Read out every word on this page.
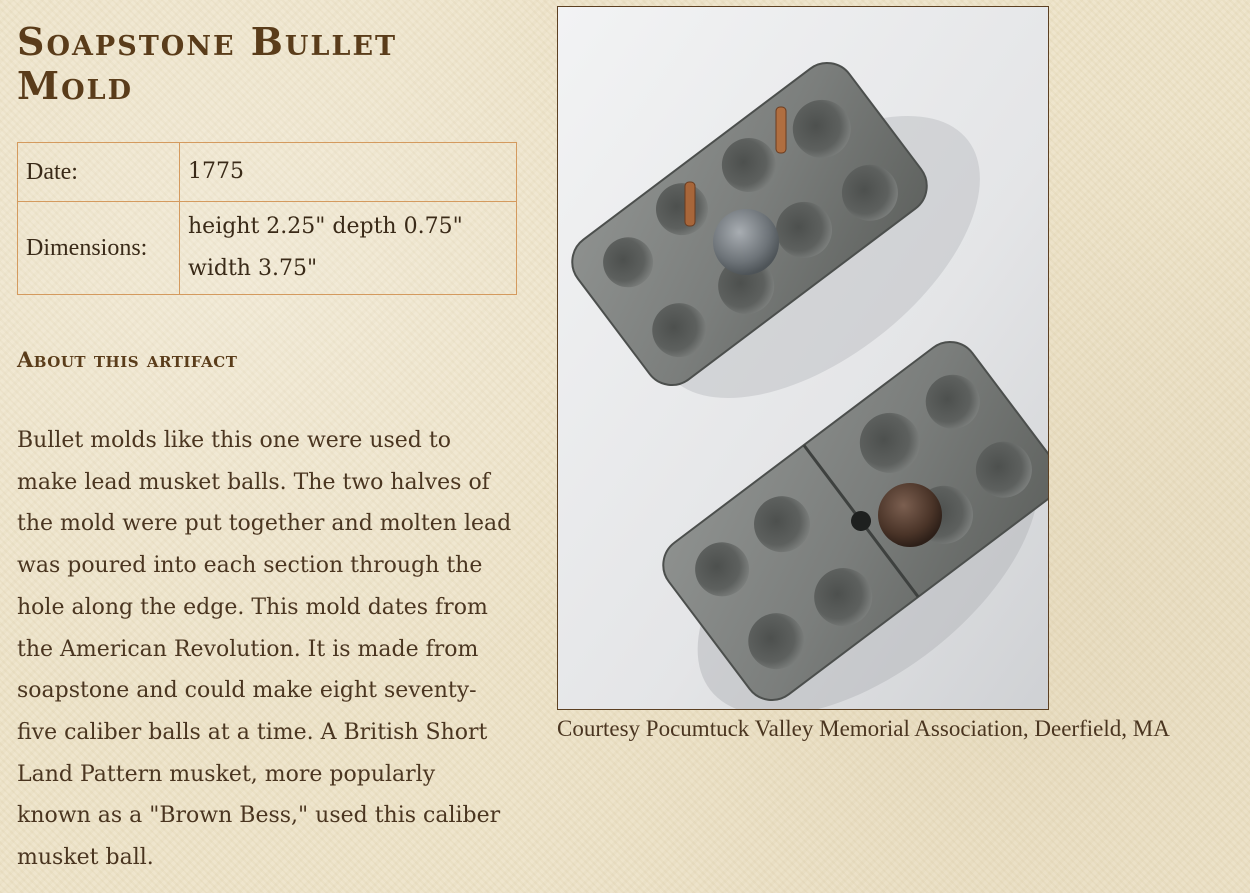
Soapstone Bullet Mold
Date:	1775
Dimensions:	height 2.25" depth 0.75" width 3.75"
About this artifact

Bullet molds like this one were used to make lead musket balls. The two halves of the mold were put together and molten lead was poured into each section through the hole along the edge. This mold dates from the American Revolution. It is made from soapstone and could make eight seventy-five caliber balls at a time. A British Short Land Pattern musket, more popularly known as a "Brown Bess," used this caliber musket ball.

Courtesy Pocumtuck Valley Memorial Association, Deerfield, MA
